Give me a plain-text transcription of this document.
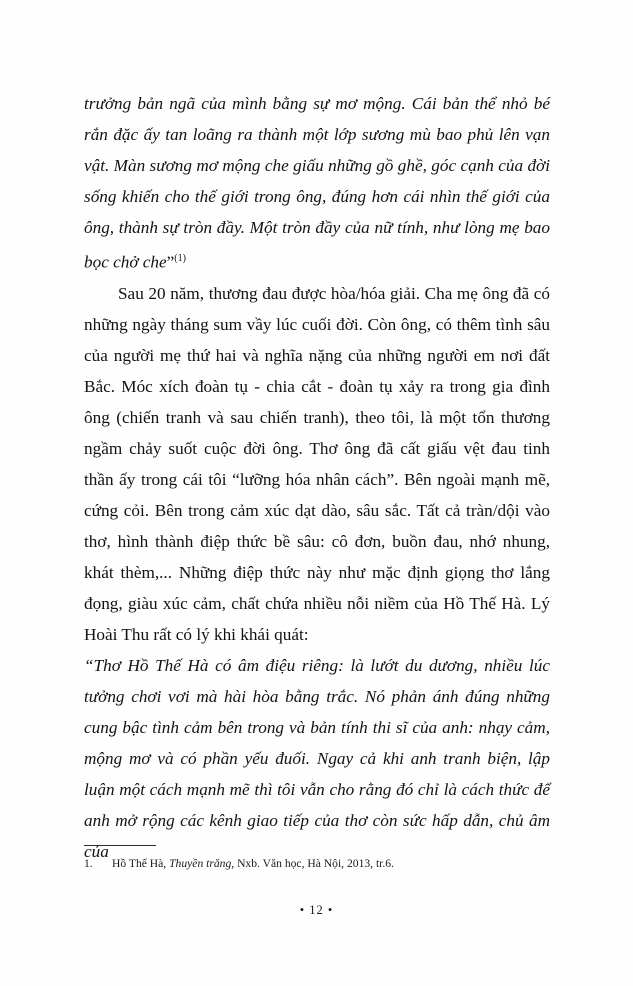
trưởng bản ngã của mình bằng sự mơ mộng. Cái bản thể nhỏ bé rắn đặc ấy tan loãng ra thành một lớp sương mù bao phủ lên vạn vật. Màn sương mơ mộng che giấu những gồ ghề, góc cạnh của đời sống khiến cho thế giới trong ông, đúng hơn cái nhìn thế giới của ông, thành sự tròn đầy. Một tròn đầy của nữ tính, như lòng mẹ bao bọc chở che”$^{(1)}$

Sau 20 năm, thương đau được hòa/hóa giải. Cha mẹ ông đã có những ngày tháng sum vầy lúc cuối đời. Còn ông, có thêm tình sâu của người mẹ thứ hai và nghĩa nặng của những người em nơi đất Bắc. Móc xích đoàn tụ - chia cắt - đoàn tụ xảy ra trong gia đình ông (chiến tranh và sau chiến tranh), theo tôi, là một tổn thương ngầm chảy suốt cuộc đời ông. Thơ ông đã cất giấu vệt đau tinh thần ấy trong cái tôi “lưỡng hóa nhân cách”. Bên ngoài mạnh mẽ, cứng cỏi. Bên trong cảm xúc dạt dào, sâu sắc. Tất cả tràn/dội vào thơ, hình thành điệp thức bề sâu: cô đơn, buồn đau, nhớ nhung, khát thèm,... Những điệp thức này như mặc định giọng thơ lắng đọng, giàu xúc cảm, chất chứa nhiều nỗi niềm của Hồ Thế Hà. Lý Hoài Thu rất có lý khi khái quát:

“Thơ Hồ Thế Hà có âm điệu riêng: là lướt du dương, nhiều lúc tưởng chơi vơi mà hài hòa bằng trắc. Nó phản ánh đúng những cung bậc tình cảm bên trong và bản tính thi sĩ của anh: nhạy cảm, mộng mơ và có phần yếu đuối. Ngay cả khi anh tranh biện, lập luận một cách mạnh mẽ thì tôi vẫn cho rằng đó chỉ là cách thức để anh mở rộng các kênh giao tiếp của thơ còn sức hấp dẫn, chủ âm của

1.	Hồ Thế Hà, Thuyền trăng, Nxb. Văn học, Hà Nội, 2013, tr.6.
• 12 •
